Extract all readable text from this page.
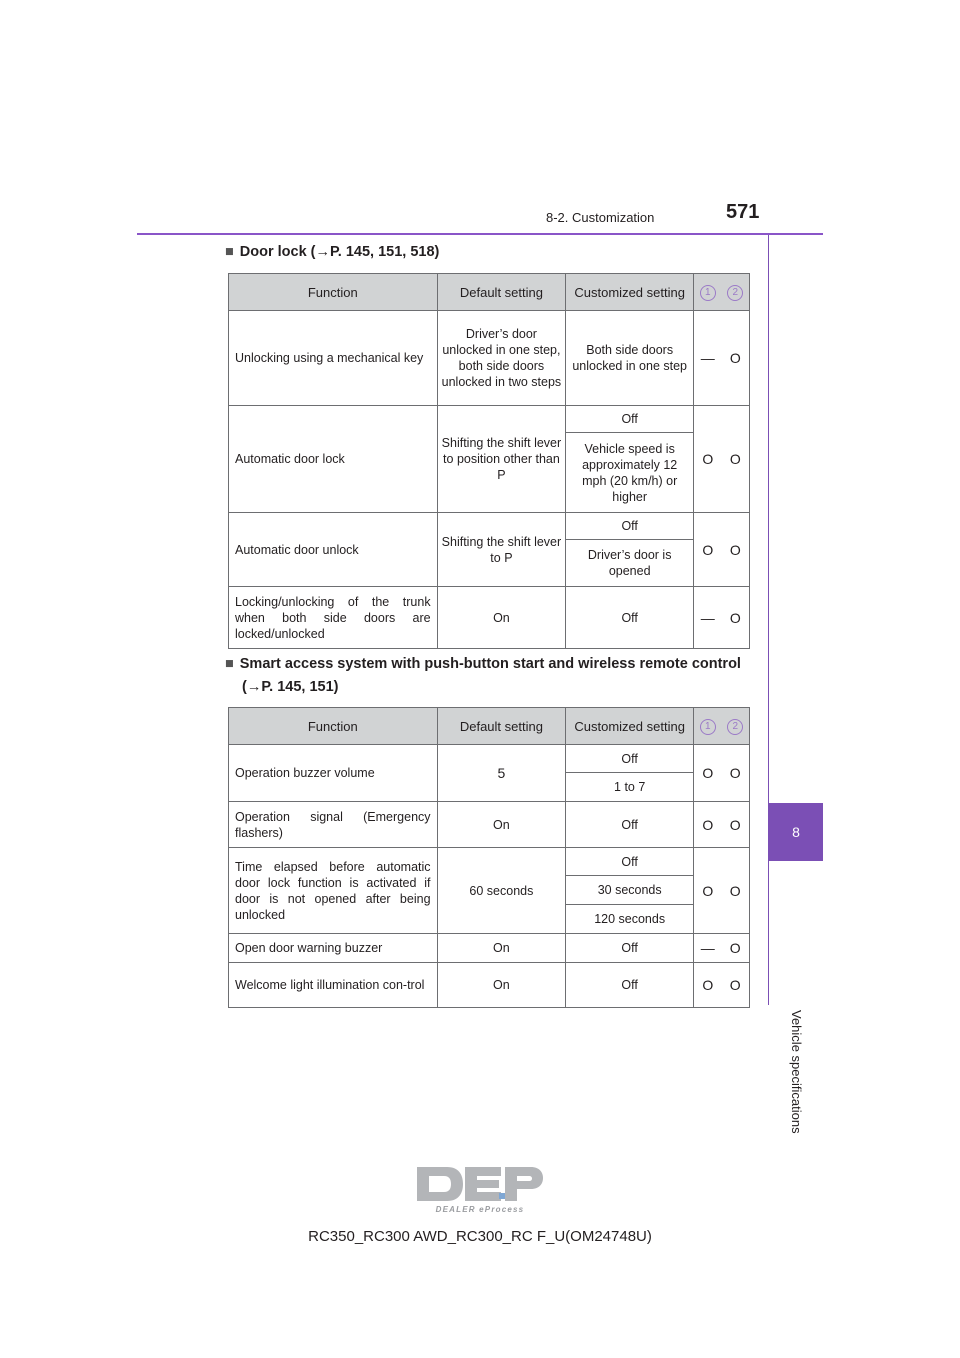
8-2. Customization	571
8
Vehicle specifications
■ Door lock (→P. 145, 151, 518)
Function	Default setting	Customized setting	1	2
Unlocking using a mechanical key	Driver’s door unlocked in one step, both side doors unlocked in two steps	Both side doors unlocked in one step	—	O
Automatic door lock	Shifting the shift lever to position other than P	Off	O	O
		Vehicle speed is approximately 12 mph (20 km/h) or higher		
Automatic door unlock	Shifting the shift lever to P	Off	O	O
		Driver’s door is opened		
Locking/unlocking of the trunk when both side doors are locked/unlocked	On	Off	—	O
■ Smart access system with push-button start and wireless remote control
(→P. 145, 151)
Function	Default setting	Customized setting	1	2
Operation buzzer volume	5	Off	O	O
		1 to 7		
Operation signal (Emergency flashers)	On	Off	O	O
Time elapsed before automatic door lock function is activated if door is not opened after being unlocked	60 seconds	Off	O	O
		30 seconds		
		120 seconds		
Open door warning buzzer	On	Off	—	O
Welcome light illumination con-trol	On	Off	O	O
DEALER eProcess
RC350_RC300 AWD_RC300_RC F_U(OM24748U)
